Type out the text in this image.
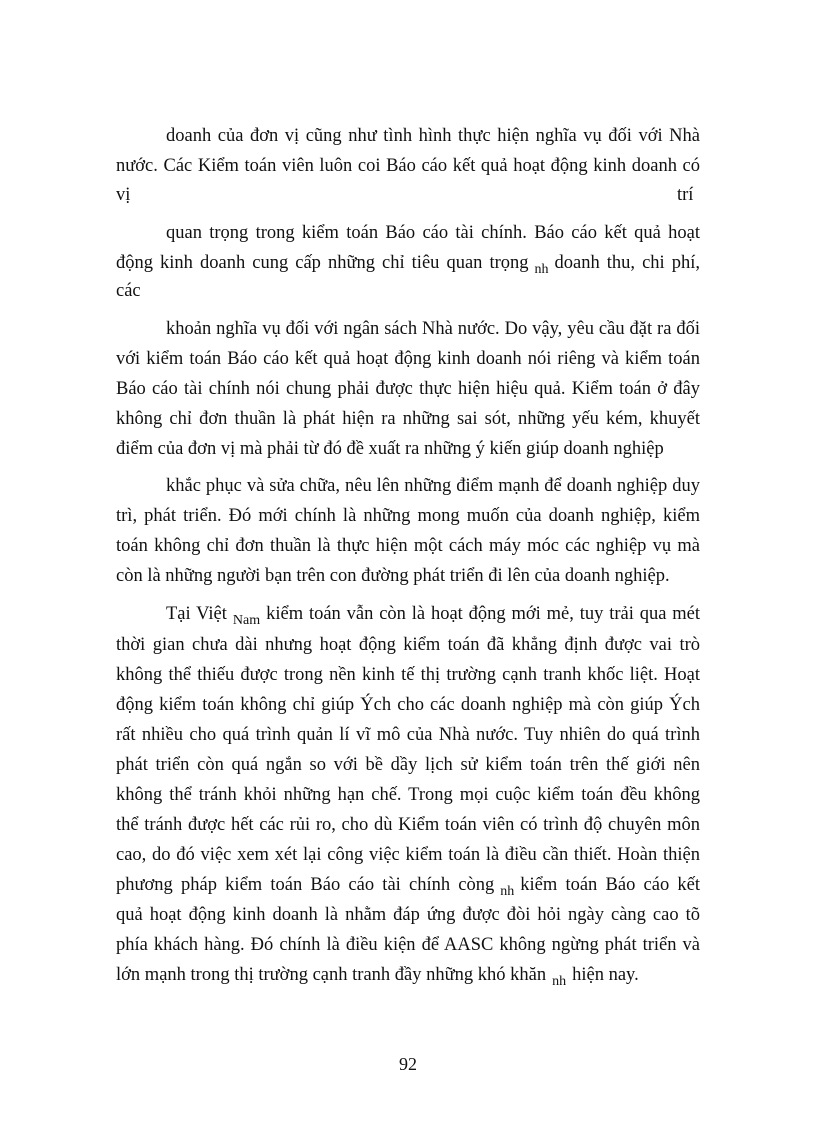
doanh của đơn vị cũng như tình hình thực hiện nghĩa vụ đối với Nhà
nước. Các Kiểm toán viên luôn coi Báo cáo kết quả hoạt động kinh doanh có
vị	trí
quan trọng trong kiểm toán Báo cáo tài chính. Báo cáo kết quả hoạt
động kinh doanh cung cấp những chỉ tiêu quan trọng $_{nh}$ doanh thu, chi phí,
các
khoản nghĩa vụ đối với ngân sách Nhà nước. Do vậy, yêu cầu đặt ra đối
với kiểm toán Báo cáo kết quả hoạt động kinh doanh nói riêng và kiểm toán
Báo cáo tài chính nói chung phải được thực hiện hiệu quả. Kiểm toán ở đây
không chỉ đơn thuần là phát hiện ra những sai sót, những yếu kém, khuyết
điểm của đơn vị mà phải từ đó đề xuất ra những ý kiến giúp doanh nghiệp
khắc phục và sửa chữa, nêu lên những điểm mạnh để doanh nghiệp duy
trì, phát triển. Đó mới chính là những mong muốn của doanh nghiệp, kiểm
toán không chỉ đơn thuần là thực hiện một cách máy móc các nghiệp vụ mà
còn là những người bạn trên con đường phát triển đi lên của doanh nghiệp.
Tại Việt $_{Nam}$ kiểm toán vẫn còn là hoạt động mới mẻ, tuy trải qua mét
thời gian chưa dài nhưng hoạt động kiểm toán đã khẳng định được vai trò
không thể thiếu được trong nền kinh tế thị trường cạnh tranh khốc liệt. Hoạt
động kiểm toán không chỉ giúp Ých cho các doanh nghiệp mà còn giúp Ých
rất nhiều cho quá trình quản lí vĩ mô của Nhà nước. Tuy nhiên do quá trình
phát triển còn quá ngắn so với bề dầy lịch sử kiểm toán trên thế giới nên
không thể tránh khỏi những hạn chế. Trong mọi cuộc kiểm toán đều không
thể tránh được hết các rủi ro, cho dù Kiểm toán viên có trình độ chuyên môn
cao, do đó việc xem xét lại công việc kiểm toán là điều cần thiết. Hoàn thiện
phương pháp kiểm toán Báo cáo tài chính còng $_{nh}$ kiểm toán Báo cáo kết
quả hoạt động kinh doanh là nhằm đáp ứng được đòi hỏi ngày càng cao tõ
phía khách hàng. Đó chính là điều kiện để AASC không ngừng phát triển và
lớn mạnh trong thị trường cạnh tranh đầy những khó khăn $_{nh}$ hiện nay.
92
